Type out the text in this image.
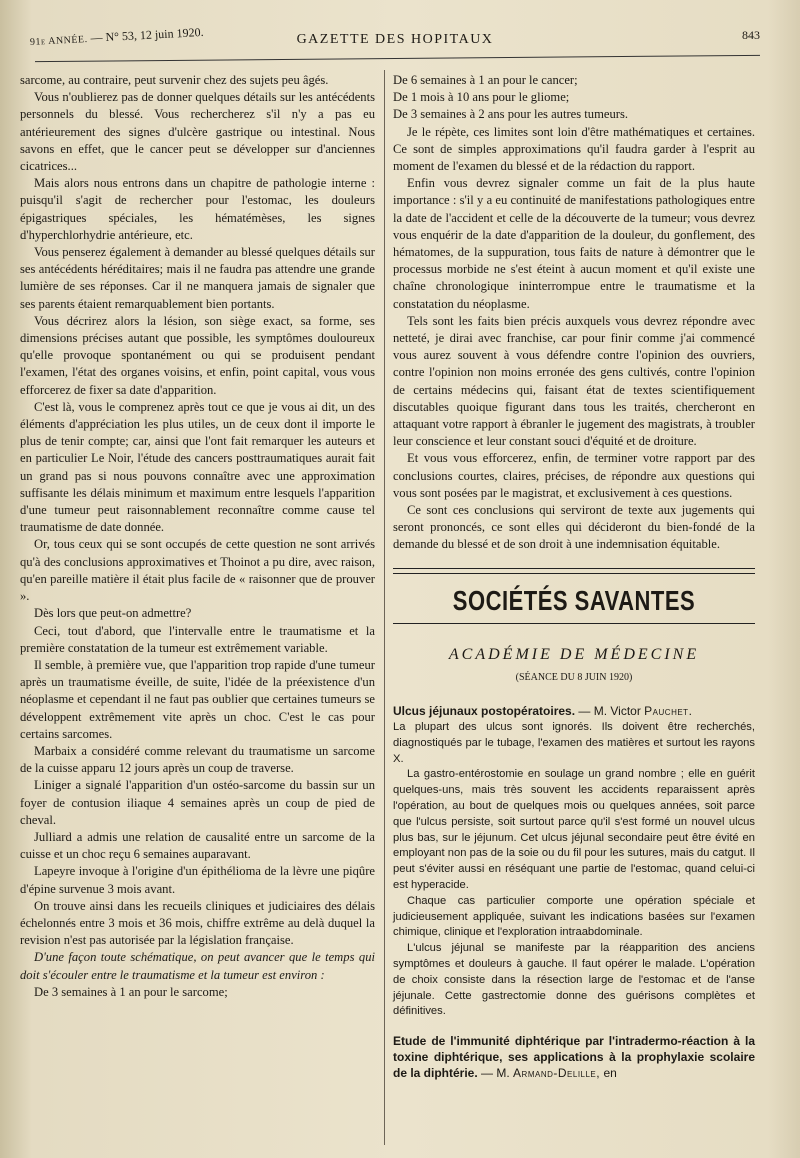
91e ANNÉE. — N° 53, 12 juin 1920.	GAZETTE DES HOPITAUX	843

sarcome, au contraire, peut survenir chez des sujets peu âgés.

Vous n'oublierez pas de donner quelques détails sur les antécédents personnels du blessé. Vous rechercherez s'il n'y a pas eu antérieurement des signes d'ulcère gastrique ou intestinal. Nous savons en effet, que le cancer peut se développer sur d'anciennes cicatrices...

Mais alors nous entrons dans un chapitre de pathologie interne : puisqu'il s'agit de rechercher pour l'estomac, les douleurs épigastriques spéciales, les hématémèses, les signes d'hyperchlorhydrie antérieure, etc.

Vous penserez également à demander au blessé quelques détails sur ses antécédents héréditaires; mais il ne faudra pas attendre une grande lumière de ses réponses. Car il ne manquera jamais de signaler que ses parents étaient remarquablement bien portants.

Vous décrirez alors la lésion, son siège exact, sa forme, ses dimensions précises autant que possible, les symptômes douloureux qu'elle provoque spontanément ou qui se produisent pendant l'examen, l'état des organes voisins, et enfin, point capital, vous vous efforcerez de fixer sa date d'apparition.

C'est là, vous le comprenez après tout ce que je vous ai dit, un des éléments d'appréciation les plus utiles, un de ceux dont il importe le plus de tenir compte; car, ainsi que l'ont fait remarquer les auteurs et en particulier Le Noir, l'étude des cancers posttraumatiques aurait fait un grand pas si nous pouvons connaître avec une approximation suffisante les délais minimum et maximum entre lesquels l'apparition d'une tumeur peut raisonnablement reconnaître comme cause tel traumatisme de date donnée.

Or, tous ceux qui se sont occupés de cette question ne sont arrivés qu'à des conclusions approximatives et Thoinot a pu dire, avec raison, qu'en pareille matière il était plus facile de « raisonner que de prouver ».

Dès lors que peut-on admettre?

Ceci, tout d'abord, que l'intervalle entre le traumatisme et la première constatation de la tumeur est extrêmement variable.

Il semble, à première vue, que l'apparition trop rapide d'une tumeur après un traumatisme éveille, de suite, l'idée de la préexistence d'un néoplasme et cependant il ne faut pas oublier que certaines tumeurs se développent extrêmement vite après un choc. C'est le cas pour certains sarcomes.

Marbaix a considéré comme relevant du traumatisme un sarcome de la cuisse apparu 12 jours après un coup de traverse.

Liniger a signalé l'apparition d'un ostéo-sarcome du bassin sur un foyer de contusion iliaque 4 semaines après un coup de pied de cheval.

Julliard a admis une relation de causalité entre un sarcome de la cuisse et un choc reçu 6 semaines auparavant.

Lapeyre invoque à l'origine d'un épithélioma de la lèvre une piqûre d'épine survenue 3 mois avant.

On trouve ainsi dans les recueils cliniques et judiciaires des délais échelonnés entre 3 mois et 36 mois, chiffre extrême au delà duquel la revision n'est pas autorisée par la législation française.

D'une façon toute schématique, on peut avancer que le temps qui doit s'écouler entre le traumatisme et la tumeur est environ :

De 3 semaines à 1 an pour le sarcome;

De 6 semaines à 1 an pour le cancer;

De 1 mois à 10 ans pour le gliome;

De 3 semaines à 2 ans pour les autres tumeurs.

Je le répète, ces limites sont loin d'être mathématiques et certaines. Ce sont de simples approximations qu'il faudra garder à l'esprit au moment de l'examen du blessé et de la rédaction du rapport.

Enfin vous devrez signaler comme un fait de la plus haute importance : s'il y a eu continuité de manifestations pathologiques entre la date de l'accident et celle de la découverte de la tumeur; vous devrez vous enquérir de la date d'apparition de la douleur, du gonflement, des hématomes, de la suppuration, tous faits de nature à démontrer que le processus morbide ne s'est éteint à aucun moment et qu'il existe une chaîne chronologique ininterrompue entre le traumatisme et la constatation du néoplasme.

Tels sont les faits bien précis auxquels vous devrez répondre avec netteté, je dirai avec franchise, car pour finir comme j'ai commencé vous aurez souvent à vous défendre contre l'opinion des ouvriers, contre l'opinion non moins erronée des gens cultivés, contre l'opinion de certains médecins qui, faisant état de textes scientifiquement discutables quoique figurant dans tous les traités, chercheront en attaquant votre rapport à ébranler le jugement des magistrats, à troubler leur conscience et leur constant souci d'équité et de droiture.

Et vous vous efforcerez, enfin, de terminer votre rapport par des conclusions courtes, claires, précises, de répondre aux questions qui vous sont posées par le magistrat, et exclusivement à ces questions.

Ce sont ces conclusions qui serviront de texte aux jugements qui seront prononcés, ce sont elles qui décideront du bien-fondé de la demande du blessé et de son droit à une indemnisation équitable.

SOCIÉTÉS SAVANTES
ACADÉMIE DE MÉDECINE
(SÉANCE DU 8 JUIN 1920)

Ulcus jéjunaux postopératoires. — M. Victor Pauchet.

La plupart des ulcus sont ignorés. Ils doivent être recherchés, diagnostiqués par le tubage, l'examen des matières et surtout les rayons X.

La gastro-entérostomie en soulage un grand nombre ; elle en guérit quelques-uns, mais très souvent les accidents reparaissent après l'opération, au bout de quelques mois ou quelques années, soit parce que l'ulcus persiste, soit surtout parce qu'il s'est formé un nouvel ulcus plus bas, sur le jéjunum. Cet ulcus jéjunal secondaire peut être évité en employant non pas de la soie ou du fil pour les sutures, mais du catgut. Il peut s'éviter aussi en réséquant une partie de l'estomac, quand celui-ci est hyperacide.

Chaque cas particulier comporte une opération spéciale et judicieusement appliquée, suivant les indications basées sur l'examen chimique, clinique et l'exploration intraabdominale.

L'ulcus jéjunal se manifeste par la réapparition des anciens symptômes et douleurs à gauche. Il faut opérer le malade. L'opération de choix consiste dans la résection large de l'estomac et de l'anse jéjunale. Cette gastrectomie donne des guérisons complètes et définitives.

Etude de l'immunité diphtérique par l'intradermo-réaction à la toxine diphtérique, ses applications à la prophylaxie scolaire de la diphtérie. — M. Armand-Delille, en
